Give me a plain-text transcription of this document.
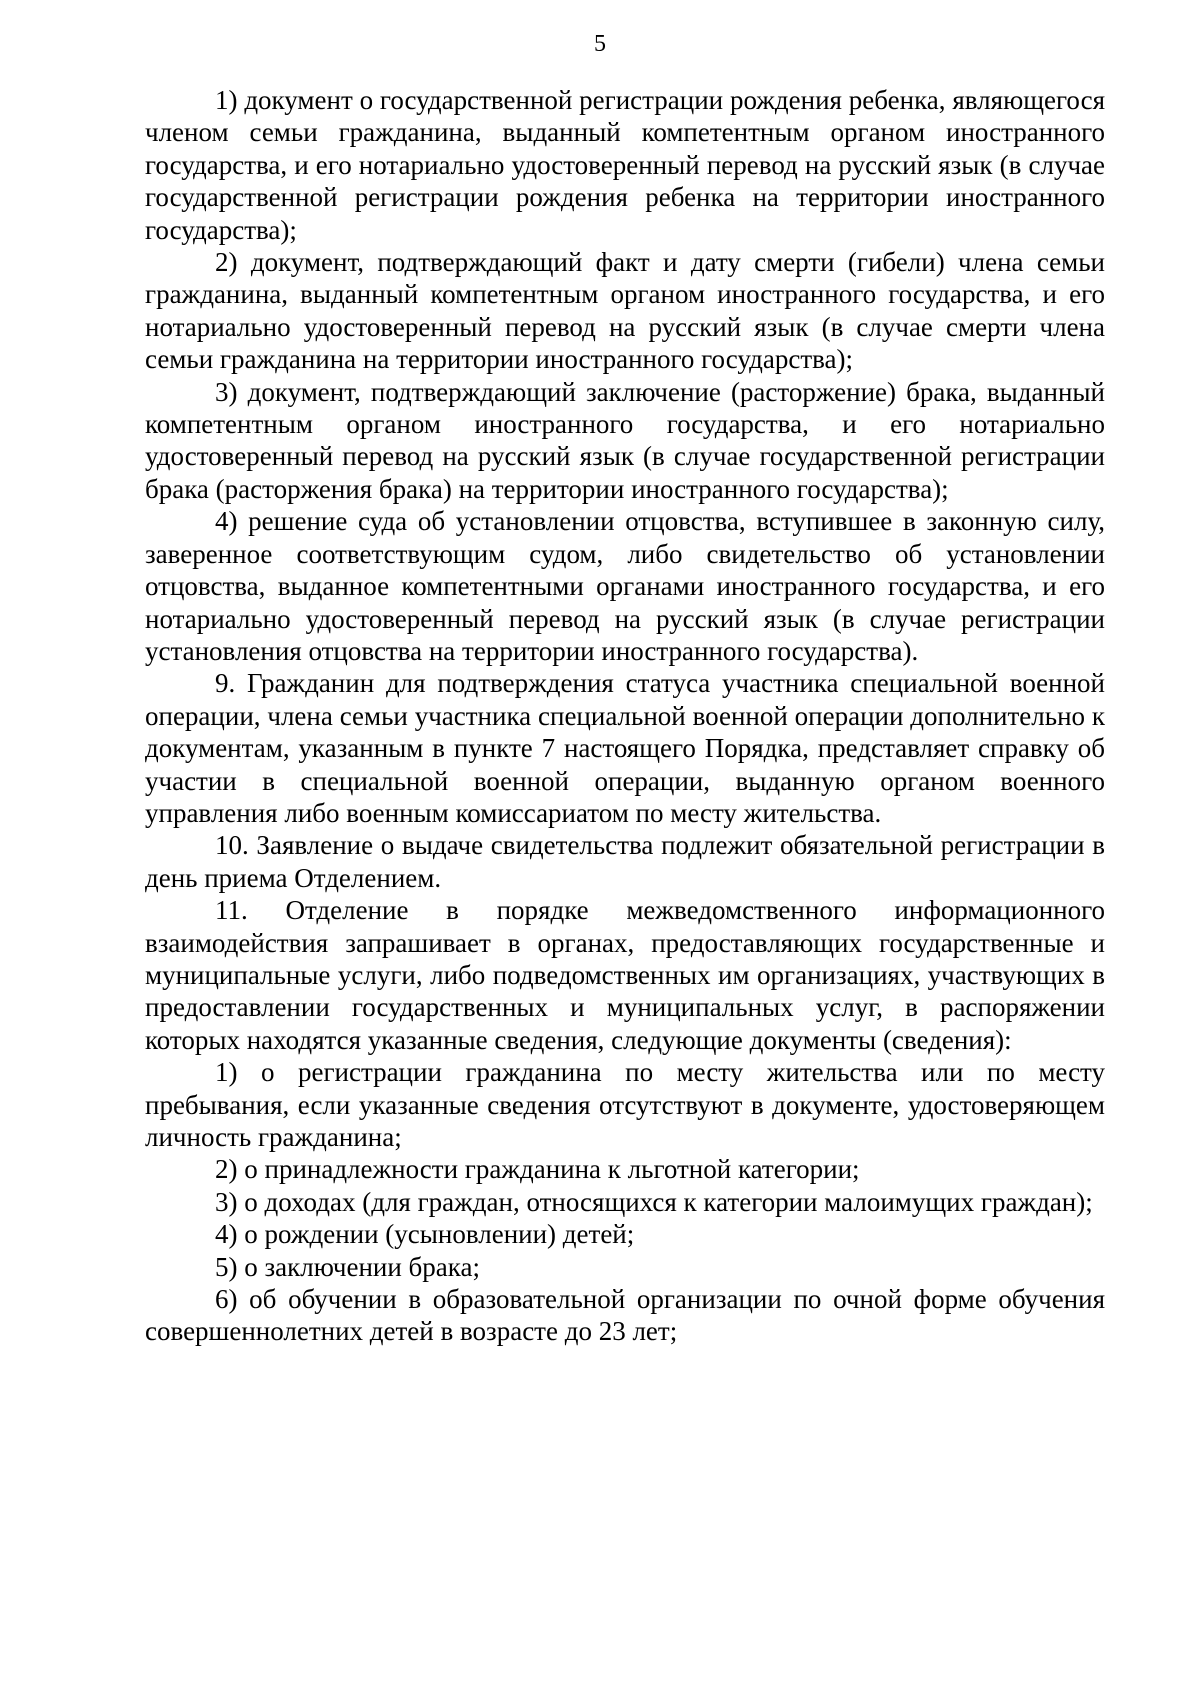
5

1) документ о государственной регистрации рождения ребенка, являющегося членом семьи гражданина, выданный компетентным органом иностранного государства, и его нотариально удостоверенный перевод на русский язык (в случае государственной регистрации рождения ребенка на территории иностранного государства);

2) документ, подтверждающий факт и дату смерти (гибели) члена семьи гражданина, выданный компетентным органом иностранного государства, и его нотариально удостоверенный перевод на русский язык (в случае смерти члена семьи гражданина на территории иностранного государства);

3) документ, подтверждающий заключение (расторжение) брака, выданный компетентным органом иностранного государства, и его нотариально удостоверенный перевод на русский язык (в случае государственной регистрации брака (расторжения брака) на территории иностранного государства);

4) решение суда об установлении отцовства, вступившее в законную силу, заверенное соответствующим судом, либо свидетельство об установлении отцовства, выданное компетентными органами иностранного государства, и его нотариально удостоверенный перевод на русский язык (в случае регистрации установления отцовства на территории иностранного государства).

9. Гражданин для подтверждения статуса участника специальной военной операции, члена семьи участника специальной военной операции дополнительно к документам, указанным в пункте 7 настоящего Порядка, представляет справку об участии в специальной военной операции, выданную органом военного управления либо военным комиссариатом по месту жительства.

10. Заявление о выдаче свидетельства подлежит обязательной регистрации в день приема Отделением.

11. Отделение в порядке межведомственного информационного взаимодействия запрашивает в органах, предоставляющих государственные и муниципальные услуги, либо подведомственных им организациях, участвующих в предоставлении государственных и муниципальных услуг, в распоряжении которых находятся указанные сведения, следующие документы (сведения):

1) о регистрации гражданина по месту жительства или по месту пребывания, если указанные сведения отсутствуют в документе, удостоверяющем личность гражданина;

2) о принадлежности гражданина к льготной категории;

3) о доходах (для граждан, относящихся к категории малоимущих граждан);

4) о рождении (усыновлении) детей;

5) о заключении брака;

6) об обучении в образовательной организации по очной форме обучения совершеннолетних детей в возрасте до 23 лет;
